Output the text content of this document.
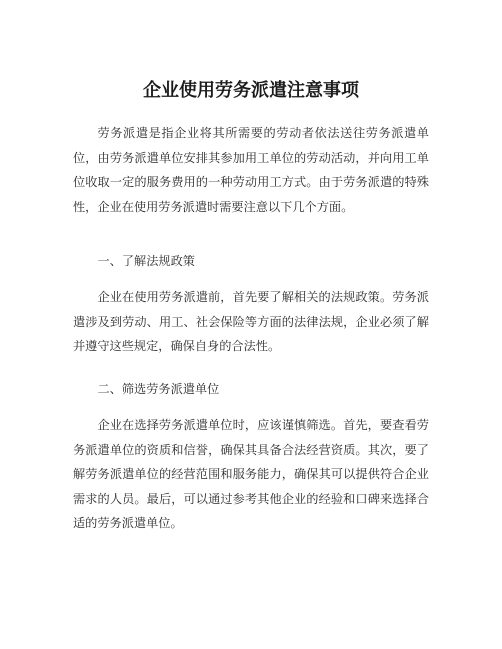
企业使用劳务派遣注意事项

劳务派遣是指企业将其所需要的劳动者依法送往劳务派遣单位，由劳务派遣单位安排其参加用工单位的劳动活动，并向用工单位收取一定的服务费用的一种劳动用工方式。由于劳务派遣的特殊性，企业在使用劳务派遣时需要注意以下几个方面。

一、了解法规政策

企业在使用劳务派遣前，首先要了解相关的法规政策。劳务派遣涉及到劳动、用工、社会保险等方面的法律法规，企业必须了解并遵守这些规定，确保自身的合法性。

二、筛选劳务派遣单位

企业在选择劳务派遣单位时，应该谨慎筛选。首先，要查看劳务派遣单位的资质和信誉，确保其具备合法经营资质。其次，要了解劳务派遣单位的经营范围和服务能力，确保其可以提供符合企业需求的人员。最后，可以通过参考其他企业的经验和口碑来选择合适的劳务派遣单位。
